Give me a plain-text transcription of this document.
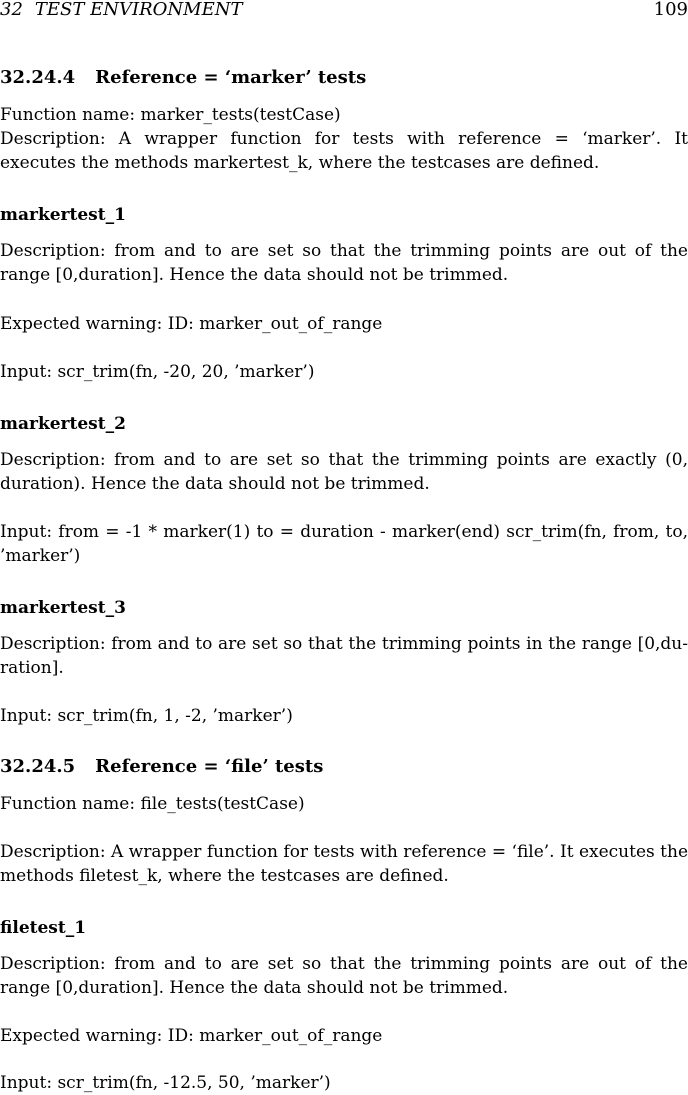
32 TEST ENVIRONMENT	109
32.24.4 Reference = ‘marker’ tests
Function name: marker_tests(testCase)
Description: A wrapper function for tests with reference = ‘marker’. It executes the methods markertest_k, where the testcases are defined.
markertest_1
Description: from and to are set so that the trimming points are out of the range [0,duration]. Hence the data should not be trimmed.
Expected warning: ID: marker_out_of_range
Input: scr_trim(fn, -20, 20, ’marker’)
markertest_2
Description: from and to are set so that the trimming points are exactly (0, duration). Hence the data should not be trimmed.
Input: from = -1 * marker(1) to = duration - marker(end) scr_trim(fn, from, to, ’marker’)
markertest_3
Description: from and to are set so that the trimming points in the range [0,du-ration].
Input: scr_trim(fn, 1, -2, ’marker’)
32.24.5 Reference = ‘file’ tests
Function name: file_tests(testCase)
Description: A wrapper function for tests with reference = ‘file’. It executes the methods filetest_k, where the testcases are defined.
filetest_1
Description: from and to are set so that the trimming points are out of the range [0,duration]. Hence the data should not be trimmed.
Expected warning: ID: marker_out_of_range
Input: scr_trim(fn, -12.5, 50, ’marker’)
